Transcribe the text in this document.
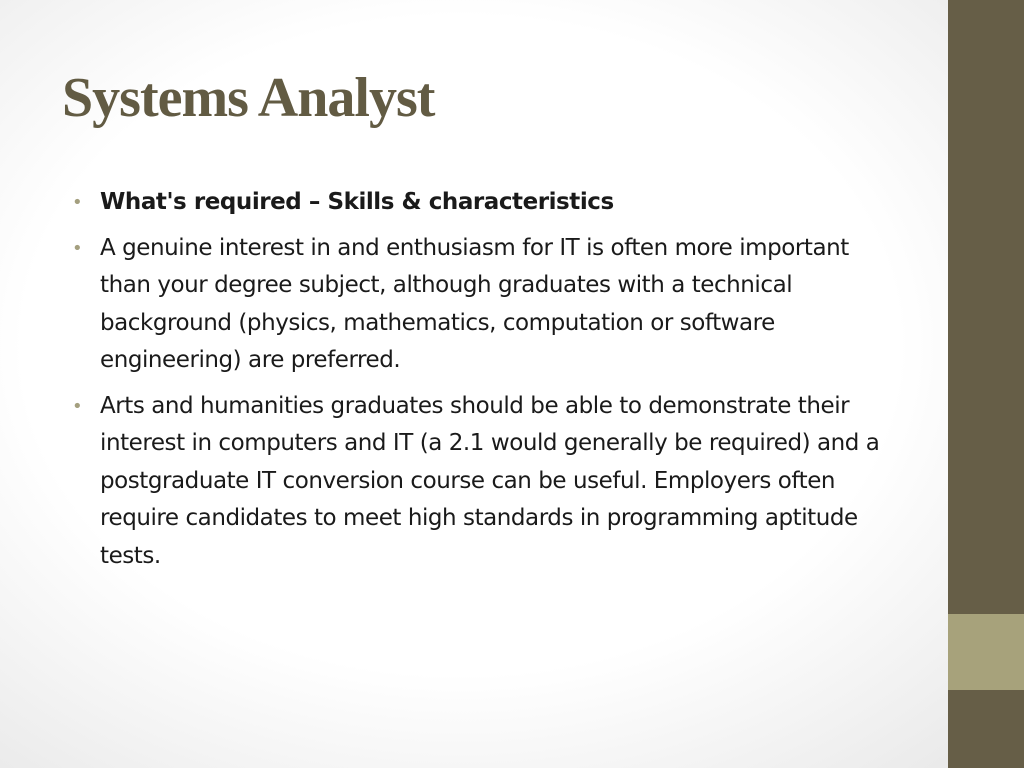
Systems Analyst
• What's required – Skills & characteristics
• A genuine interest in and enthusiasm for IT is often more important than your degree subject, although graduates with a technical background (physics, mathematics, computation or software engineering) are preferred.
• Arts and humanities graduates should be able to demonstrate their interest in computers and IT (a 2.1 would generally be required) and a postgraduate IT conversion course can be useful. Employers often require candidates to meet high standards in programming aptitude tests.
